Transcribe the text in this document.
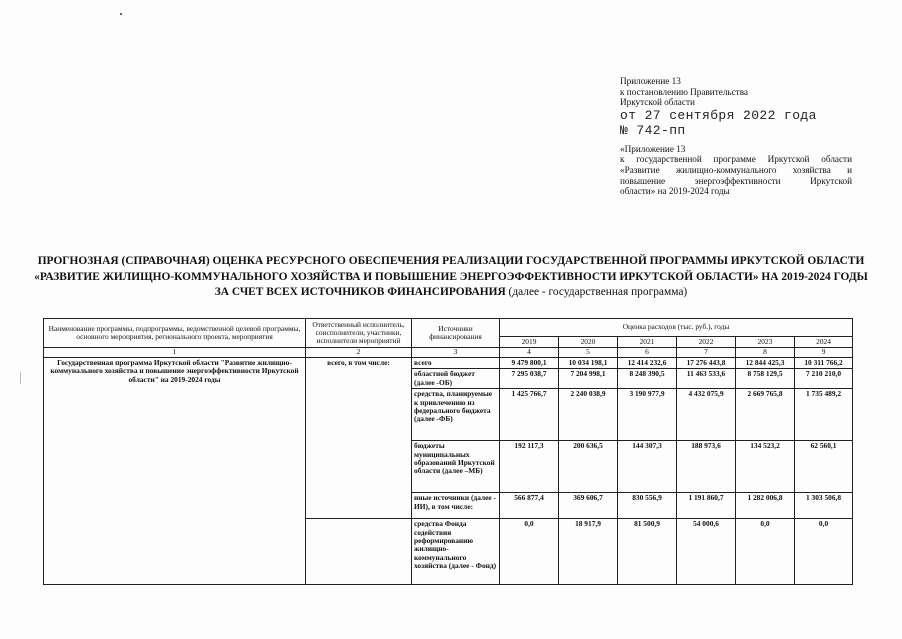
Приложение 13
к постановлению Правительства
Иркутской области
от 27 сентября 2022 года
№ 742-пп
«Приложение 13
к государственной программе Иркутской области
«Развитие жилищно-коммунального хозяйства и
повышение энергоэффективности Иркутской
области» на 2019-2024 годы
ПРОГНОЗНАЯ (СПРАВОЧНАЯ) ОЦЕНКА РЕСУРСНОГО ОБЕСПЕЧЕНИЯ РЕАЛИЗАЦИИ ГОСУДАРСТВЕННОЙ ПРОГРАММЫ ИРКУТСКОЙ ОБЛАСТИ «РАЗВИТИЕ ЖИЛИЩНО-КОММУНАЛЬНОГО ХОЗЯЙСТВА И ПОВЫШЕНИЕ ЭНЕРГОЭФФЕКТИВНОСТИ ИРКУТСКОЙ ОБЛАСТИ» НА 2019-2024 ГОДЫ ЗА СЧЕТ ВСЕХ ИСТОЧНИКОВ ФИНАНСИРОВАНИЯ (далее - государственная программа)
Наименование программы, подпрограммы, ведомственной целевой программы, основного мероприятия, регионального проекта, мероприятия	Ответственный исполнитель, соисполнители, участники, исполнители мероприятий	Источники финансирования	Оценка расходов (тыс. руб.), годы					
			2019	2020	2021	2022	2023	2024
1	2	3	4	5	6	7	8	9
Государственная программа Иркутской области "Развитие жилищно-коммунального хозяйства и повышение энергоэффективности Иркутской области" на 2019-2024 годы	всего, в том числе:	всего	9 479 800,1	10 034 198,1	12 414 232,6	17 276 443,8	12 844 425,3	10 311 766,2
		областной бюджет (далее -ОБ)	7 295 038,7	7 204 998,1	8 248 390,5	11 463 533,6	8 758 129,5	7 210 210,0
		средства, планируемые к привлечению из федерального бюджета (далее -ФБ)	1 425 766,7	2 240 038,9	3 190 977,9	4 432 075,9	2 669 765,8	1 735 489,2
		бюджеты муниципальных образований Иркутской области (далее –МБ)	192 117,3	200 636,5	144 307,3	188 973,6	134 523,2	62 560,1
		иные источники (далее - ИИ), в том числе:	566 877,4	369 606,7	830 556,9	1 191 860,7	1 282 006,8	1 303 506,8
		средства Фонда содействия реформированию жилищно-коммунального хозяйства (далее - Фонд)	0,0	18 917,9	81 500,9	54 000,6	0,0	0,0
